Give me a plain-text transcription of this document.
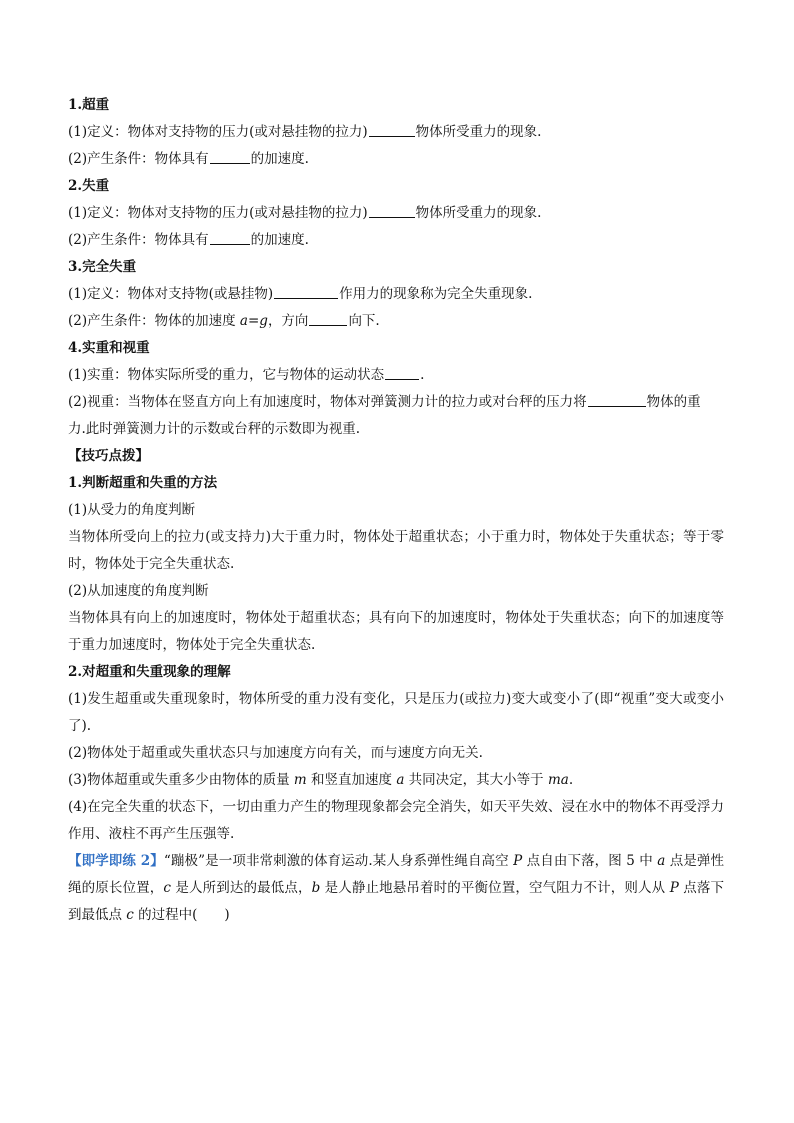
1.超重
(1)定义：物体对支持物的压力(或对悬挂物的拉力)	物体所受重力的现象.
(2)产生条件：物体具有	的加速度.
2.失重
(1)定义：物体对支持物的压力(或对悬挂物的拉力)	物体所受重力的现象.
(2)产生条件：物体具有	的加速度.
3.完全失重
(1)定义：物体对支持物(或悬挂物)	作用力的现象称为完全失重现象.
(2)产生条件：物体的加速度 a=g，方向	向下.
4.实重和视重
(1)实重：物体实际所受的重力，它与物体的运动状态	.
(2)视重：当物体在竖直方向上有加速度时，物体对弹簧测力计的拉力或对台秤的压力将	物体的重
力.此时弹簧测力计的示数或台秤的示数即为视重.
【技巧点拨】
1.判断超重和失重的方法
(1)从受力的角度判断
当物体所受向上的拉力(或支持力)大于重力时，物体处于超重状态；小于重力时，物体处于失重状态；等于零时，物体处于完全失重状态.
(2)从加速度的角度判断
当物体具有向上的加速度时，物体处于超重状态；具有向下的加速度时，物体处于失重状态；向下的加速度等于重力加速度时，物体处于完全失重状态.
2.对超重和失重现象的理解
(1)发生超重或失重现象时，物体所受的重力没有变化，只是压力(或拉力)变大或变小了(即“视重”变大或变小了).
(2)物体处于超重或失重状态只与加速度方向有关，而与速度方向无关.
(3)物体超重或失重多少由物体的质量 m 和竖直加速度 a 共同决定，其大小等于 ma.
(4)在完全失重的状态下，一切由重力产生的物理现象都会完全消失，如天平失效、浸在水中的物体不再受浮力作用、液柱不再产生压强等.
【即学即练 2】“蹦极”是一项非常刺激的体育运动.某人身系弹性绳自高空 P 点自由下落，图 5 中 a 点是弹性绳的原长位置，c 是人所到达的最低点，b 是人静止地悬吊着时的平衡位置，空气阻力不计，则人从 P 点落下到最低点 c 的过程中(　　)
